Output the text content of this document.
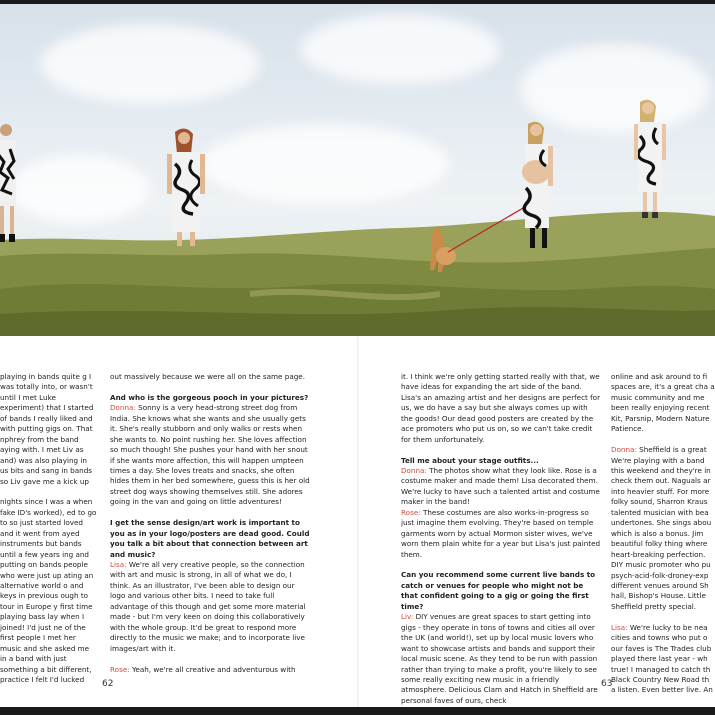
playing in bands quite g I was totally into, or wasn't until I met Luke experiment) that I started of bands I really liked and with putting gigs on. That nphrey from the band aying with. I met Liv as and) was also playing in us bits and sang in bands so Liv gave me a kick up

nights since I was a when fake ID's worked), ed to go to so just started loved and it went from ayed instruments but bands until a few years ing and putting on bands people who were just up ating an alternative world o and keys in previous ough to tour in Europe y first time playing bass lay when I joined! I'd just ne of the first people I met her music and she asked me in a band with just something a bit different, practice I felt I'd lucked

out massively because we were all on the same page.

And who is the gorgeous pooch in your pictures?
Donna: Sonny is a very head-strong street dog from India. She knows what she wants and she usually gets it. She's really stubborn and only walks or rests when she wants to. No point rushing her. She loves affection so much though! She pushes your hand with her snout if she wants more affection, this will happen umpteen times a day. She loves treats and snacks, she often hides them in her bed somewhere, guess this is her old street dog ways showing themselves still. She adores going in the van and going on little adventures!

I get the sense design/art work is important to you as in your logo/posters are dead good. Could you talk a bit about that connection between art and music?
Lisa: We're all very creative people, so the connection with art and music is strong, in all of what we do, I think. As an illustrator, I've been able to design our logo and various other bits. I need to take full advantage of this though and get some more material made - but I'm very keen on doing this collaboratively with the whole group. It'd be great to respond more directly to the music we make; and to incorporate live images/art with it.

Rose: Yeah, we're all creative and adventurous with

it. I think we're only getting started really with that, we have ideas for expanding the art side of the band. Lisa's an amazing artist and her designs are perfect for us, we do have a say but she always comes up with the goods! Our dead good posters are created by the ace promoters who put us on, so we can't take credit for them unfortunately.

Tell me about your stage outfits...
Donna: The photos show what they look like. Rose is a costume maker and made them! Lisa decorated them. We're lucky to have such a talented artist and costume maker in the band!
Rose: These costumes are also works-in-progress so just imagine them evolving. They're based on temple garments worn by actual Mormon sister wives, we've worn them plain white for a year but Lisa's just painted them.

Can you recommend some current live bands to catch or venues for people who might not be that confident going to a gig or going the first time?
Liv: DIY venues are great spaces to start getting into gigs - they operate in tons of towns and cities all over the UK (and world!), set up by local music lovers who want to showcase artists and bands and support their local music scene. As they tend to be run with passion rather than trying to make a profit, you're likely to see some really exciting new music in a friendly atmosphere. Delicious Clam and Hatch in Sheffield are personal faves of ours, check

online and ask around to fi spaces are, it's a great cha a music community and me been really enjoying recent Kit, Parsnip, Modern Nature Patience.

Donna: Sheffield is a great We're playing with a band this weekend and they're in check them out. Naguals ar into heavier stuff. For more folky sound, Sharron Kraus talented musician with bea undertones. She sings abou which is also a bonus. Jim beautiful folky thing where heart-breaking perfection. DIY music promoter who pu psych-acid-folk-droney-exp different venues around Sh hall, Bishop's House. Little Sheffield pretty special.

Lisa: We're lucky to be nea cities and towns who put o our faves is The Trades club played there last year - wh true! I managed to catch th Black Country New Road th a listen. Even better live. An

62	63
